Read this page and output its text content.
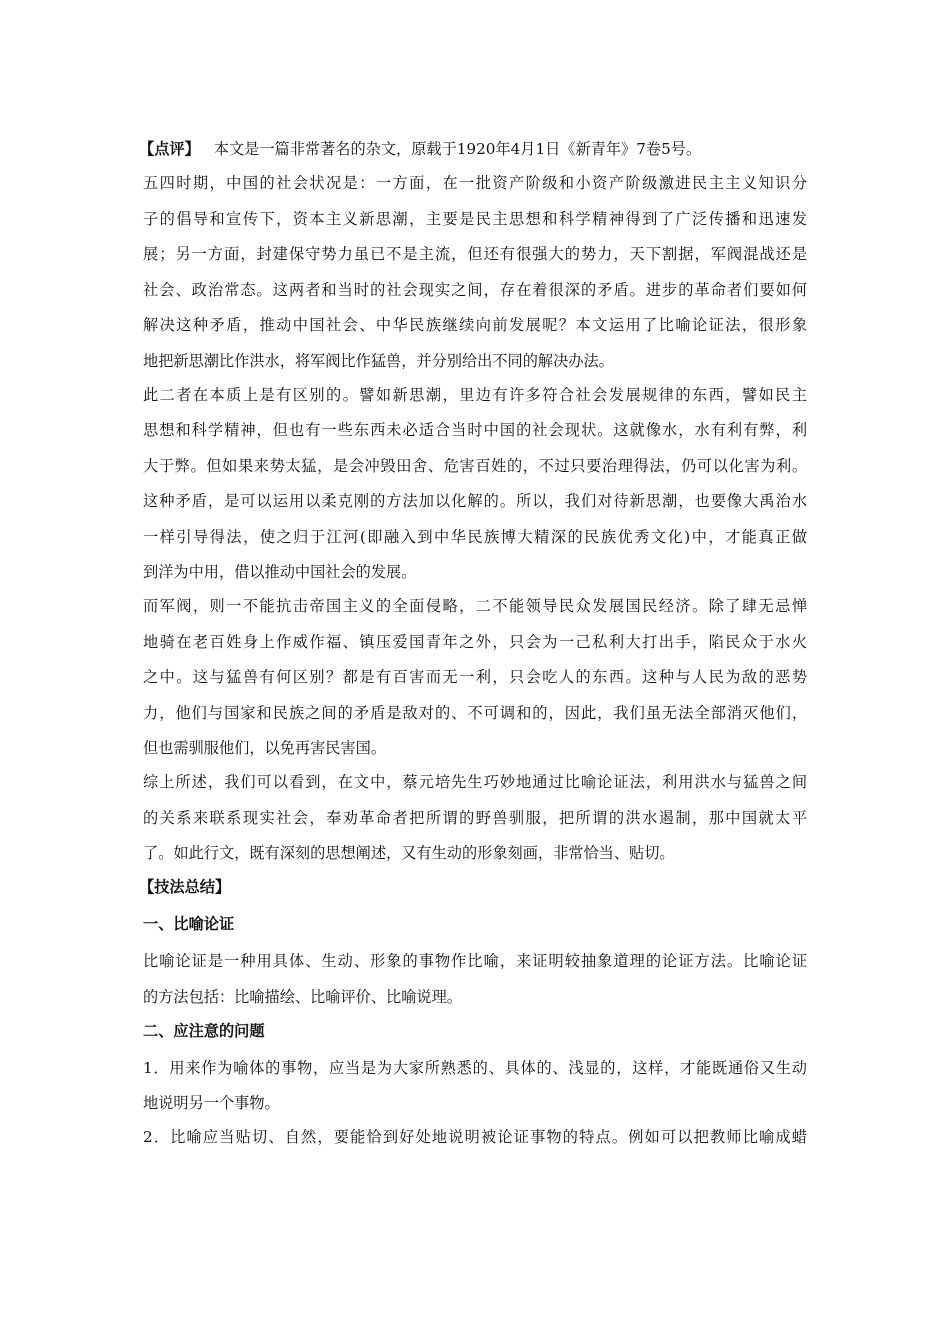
【点评】 本文是一篇非常著名的杂文，原载于1920年4月1日《新青年》7卷5号。
五四时期，中国的社会状况是：一方面，在一批资产阶级和小资产阶级激进民主主义知识分
子的倡导和宣传下，资本主义新思潮，主要是民主思想和科学精神得到了广泛传播和迅速发
展；另一方面，封建保守势力虽已不是主流，但还有很强大的势力，天下割据，军阀混战还是
社会、政治常态。这两者和当时的社会现实之间，存在着很深的矛盾。进步的革命者们要如何
解决这种矛盾，推动中国社会、中华民族继续向前发展呢？本文运用了比喻论证法，很形象
地把新思潮比作洪水，将军阀比作猛兽，并分别给出不同的解决办法。
此二者在本质上是有区别的。譬如新思潮，里边有许多符合社会发展规律的东西，譬如民主
思想和科学精神，但也有一些东西未必适合当时中国的社会现状。这就像水，水有利有弊，利
大于弊。但如果来势太猛，是会冲毁田舍、危害百姓的，不过只要治理得法，仍可以化害为利。
这种矛盾，是可以运用以柔克刚的方法加以化解的。所以，我们对待新思潮，也要像大禹治水
一样引导得法，使之归于江河(即融入到中华民族博大精深的民族优秀文化)中，才能真正做
到洋为中用，借以推动中国社会的发展。
而军阀，则一不能抗击帝国主义的全面侵略，二不能领导民众发展国民经济。除了肆无忌惮
地骑在老百姓身上作威作福、镇压爱国青年之外，只会为一己私利大打出手，陷民众于水火
之中。这与猛兽有何区别？都是有百害而无一利，只会吃人的东西。这种与人民为敌的恶势
力，他们与国家和民族之间的矛盾是敌对的、不可调和的，因此，我们虽无法全部消灭他们，
但也需驯服他们，以免再害民害国。
综上所述，我们可以看到，在文中，蔡元培先生巧妙地通过比喻论证法，利用洪水与猛兽之间
的关系来联系现实社会，奉劝革命者把所谓的野兽驯服，把所谓的洪水遏制，那中国就太平
了。如此行文，既有深刻的思想阐述，又有生动的形象刻画，非常恰当、贴切。
【技法总结】
一、比喻论证
比喻论证是一种用具体、生动、形象的事物作比喻，来证明较抽象道理的论证方法。比喻论证
的方法包括：比喻描绘、比喻评价、比喻说理。
二、应注意的问题
1．用来作为喻体的事物，应当是为大家所熟悉的、具体的、浅显的，这样，才能既通俗又生动
地说明另一个事物。
2．比喻应当贴切、自然，要能恰到好处地说明被论证事物的特点。例如可以把教师比喻成蜡
